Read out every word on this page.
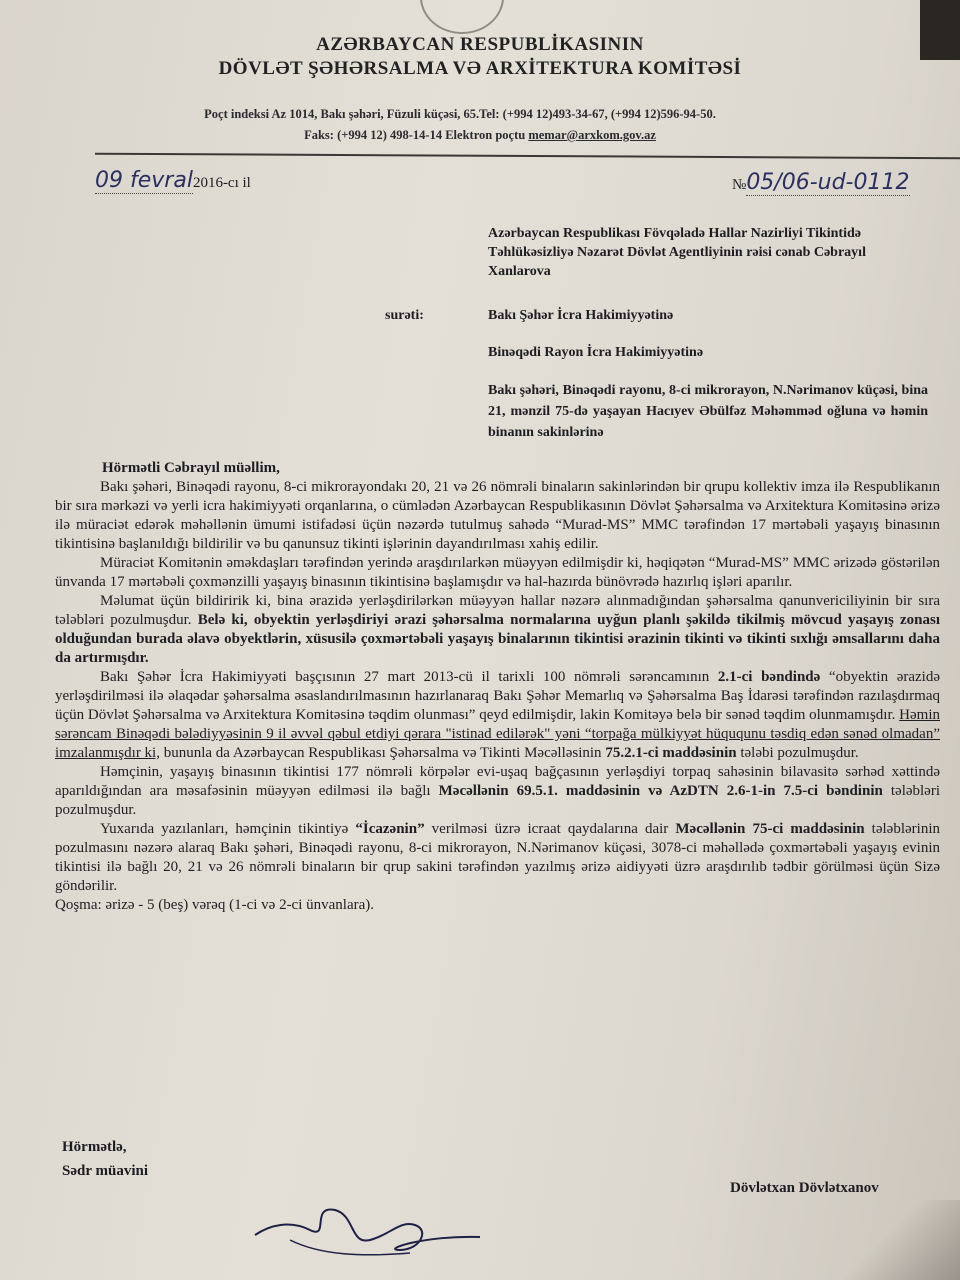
AZƏRBAYCAN RESPUBLİKASININ
DÖVLƏT ŞƏHƏRSALMA VƏ ARXİTEKTURA KOMİTƏSİ
Poçt indeksi Az 1014, Bakı şəhəri, Füzuli küçəsi, 65.Tel: (+994 12)493-34-67, (+994 12)596-94-50.
Faks: (+994 12) 498-14-14 Elektron poçtu memar@arxkom.gov.az
09 fevral2016-cı il	№05/06-ud-0112
Azərbaycan Respublikası Fövqəladə Hallar Nazirliyi Tikintidə Təhlükəsizliyə Nəzarət Dövlət Agentliyinin rəisi cənab Cəbrayıl Xanlarova
surəti:	Bakı Şəhər İcra Hakimiyyətinə
Binəqədi Rayon İcra Hakimiyyətinə
Bakı şəhəri, Binəqədi rayonu, 8-ci mikrorayon, N.Nərimanov küçəsi, bina 21, mənzil 75-də yaşayan Hacıyev Əbülfəz Məhəmməd oğluna və həmin binanın sakinlərinə
Hörmətli Cəbrayıl müəllim,

Bakı şəhəri, Binəqədi rayonu, 8-ci mikrorayondakı 20, 21 və 26 nömrəli binaların sakinlərindən bir qrupu kollektiv imza ilə Respublikanın bir sıra mərkəzi və yerli icra hakimiyyəti orqanlarına, o cümlədən Azərbaycan Respublikasının Dövlət Şəhərsalma və Arxitektura Komitəsinə ərizə ilə müraciət edərək məhəllənin ümumi istifadəsi üçün nəzərdə tutulmuş sahədə “Murad-MS” MMC tərəfindən 17 mərtəbəli yaşayış binasının tikintisinə başlanıldığı bildirilir və bu qanunsuz tikinti işlərinin dayandırılması xahiş edilir.

Müraciət Komitənin əməkdaşları tərəfindən yerində araşdırılarkən müəyyən edilmişdir ki, həqiqətən “Murad-MS” MMC ərizədə göstərilən ünvanda 17 mərtəbəli çoxmənzilli yaşayış binasının tikintisinə başlamışdır və hal-hazırda bünövrədə hazırlıq işləri aparılır.

Məlumat üçün bildiririk ki, bina ərazidə yerləşdirilərkən müəyyən hallar nəzərə alınmadığından şəhərsalma qanunvericiliyinin bir sıra tələbləri pozulmuşdur. Belə ki, obyektin yerləşdiriyi ərazi şəhərsalma normalarına uyğun planlı şəkildə tikilmiş mövcud yaşayış zonası olduğundan burada əlavə obyektlərin, xüsusilə çoxmərtəbəli yaşayış binalarının tikintisi ərazinin tikinti və tikinti sıxlığı əmsallarını daha da artırmışdır.

Bakı Şəhər İcra Hakimiyyəti başçısının 27 mart 2013-cü il tarixli 100 nömrəli sərəncamının 2.1-ci bəndində “obyektin ərazidə yerləşdirilməsi ilə əlaqədar şəhərsalma əsaslandırılmasının hazırlanaraq Bakı Şəhər Memarlıq və Şəhərsalma Baş İdarəsi tərəfindən razılaşdırmaq üçün Dövlət Şəhərsalma və Arxitektura Komitəsinə təqdim olunması” qeyd edilmişdir, lakin Komitəyə belə bir sənəd təqdim olunmamışdır. Həmin sərəncam Binəqədi bələdiyyəsinin 9 il əvvəl qəbul etdiyi qərara "istinad edilərək" yəni “torpağa mülkiyyət hüququnu təsdiq edən sənəd olmadan” imzalanmışdır ki, bununla da Azərbaycan Respublikası Şəhərsalma və Tikinti Məcəlləsinin 75.2.1-ci maddəsinin tələbi pozulmuşdur.

Həmçinin, yaşayış binasının tikintisi 177 nömrəli körpələr evi-uşaq bağçasının yerləşdiyi torpaq sahəsinin bilavasitə sərhəd xəttində aparıldığından ara məsafəsinin müəyyən edilməsi ilə bağlı Məcəllənin 69.5.1. maddəsinin və AzDTN 2.6-1-in 7.5-ci bəndinin tələbləri pozulmuşdur.

Yuxarıda yazılanları, həmçinin tikintiyə “İcazənin” verilməsi üzrə icraat qaydalarına dair Məcəllənin 75-ci maddəsinin tələblərinin pozulmasını nəzərə alaraq Bakı şəhəri, Binəqədi rayonu, 8-ci mikrorayon, N.Nərimanov küçəsi, 3078-ci məhəllədə çoxmərtəbəli yaşayış evinin tikintisi ilə bağlı 20, 21 və 26 nömrəli binaların bir qrup sakini tərəfindən yazılmış ərizə aidiyyəti üzrə araşdırılıb tədbir görülməsi üçün Sizə göndərilir.

Qoşma: ərizə - 5 (beş) vərəq (1-ci və 2-ci ünvanlara).

Hörmətlə,
Sədr müavini
Dövlətxan Dövlətxanov
